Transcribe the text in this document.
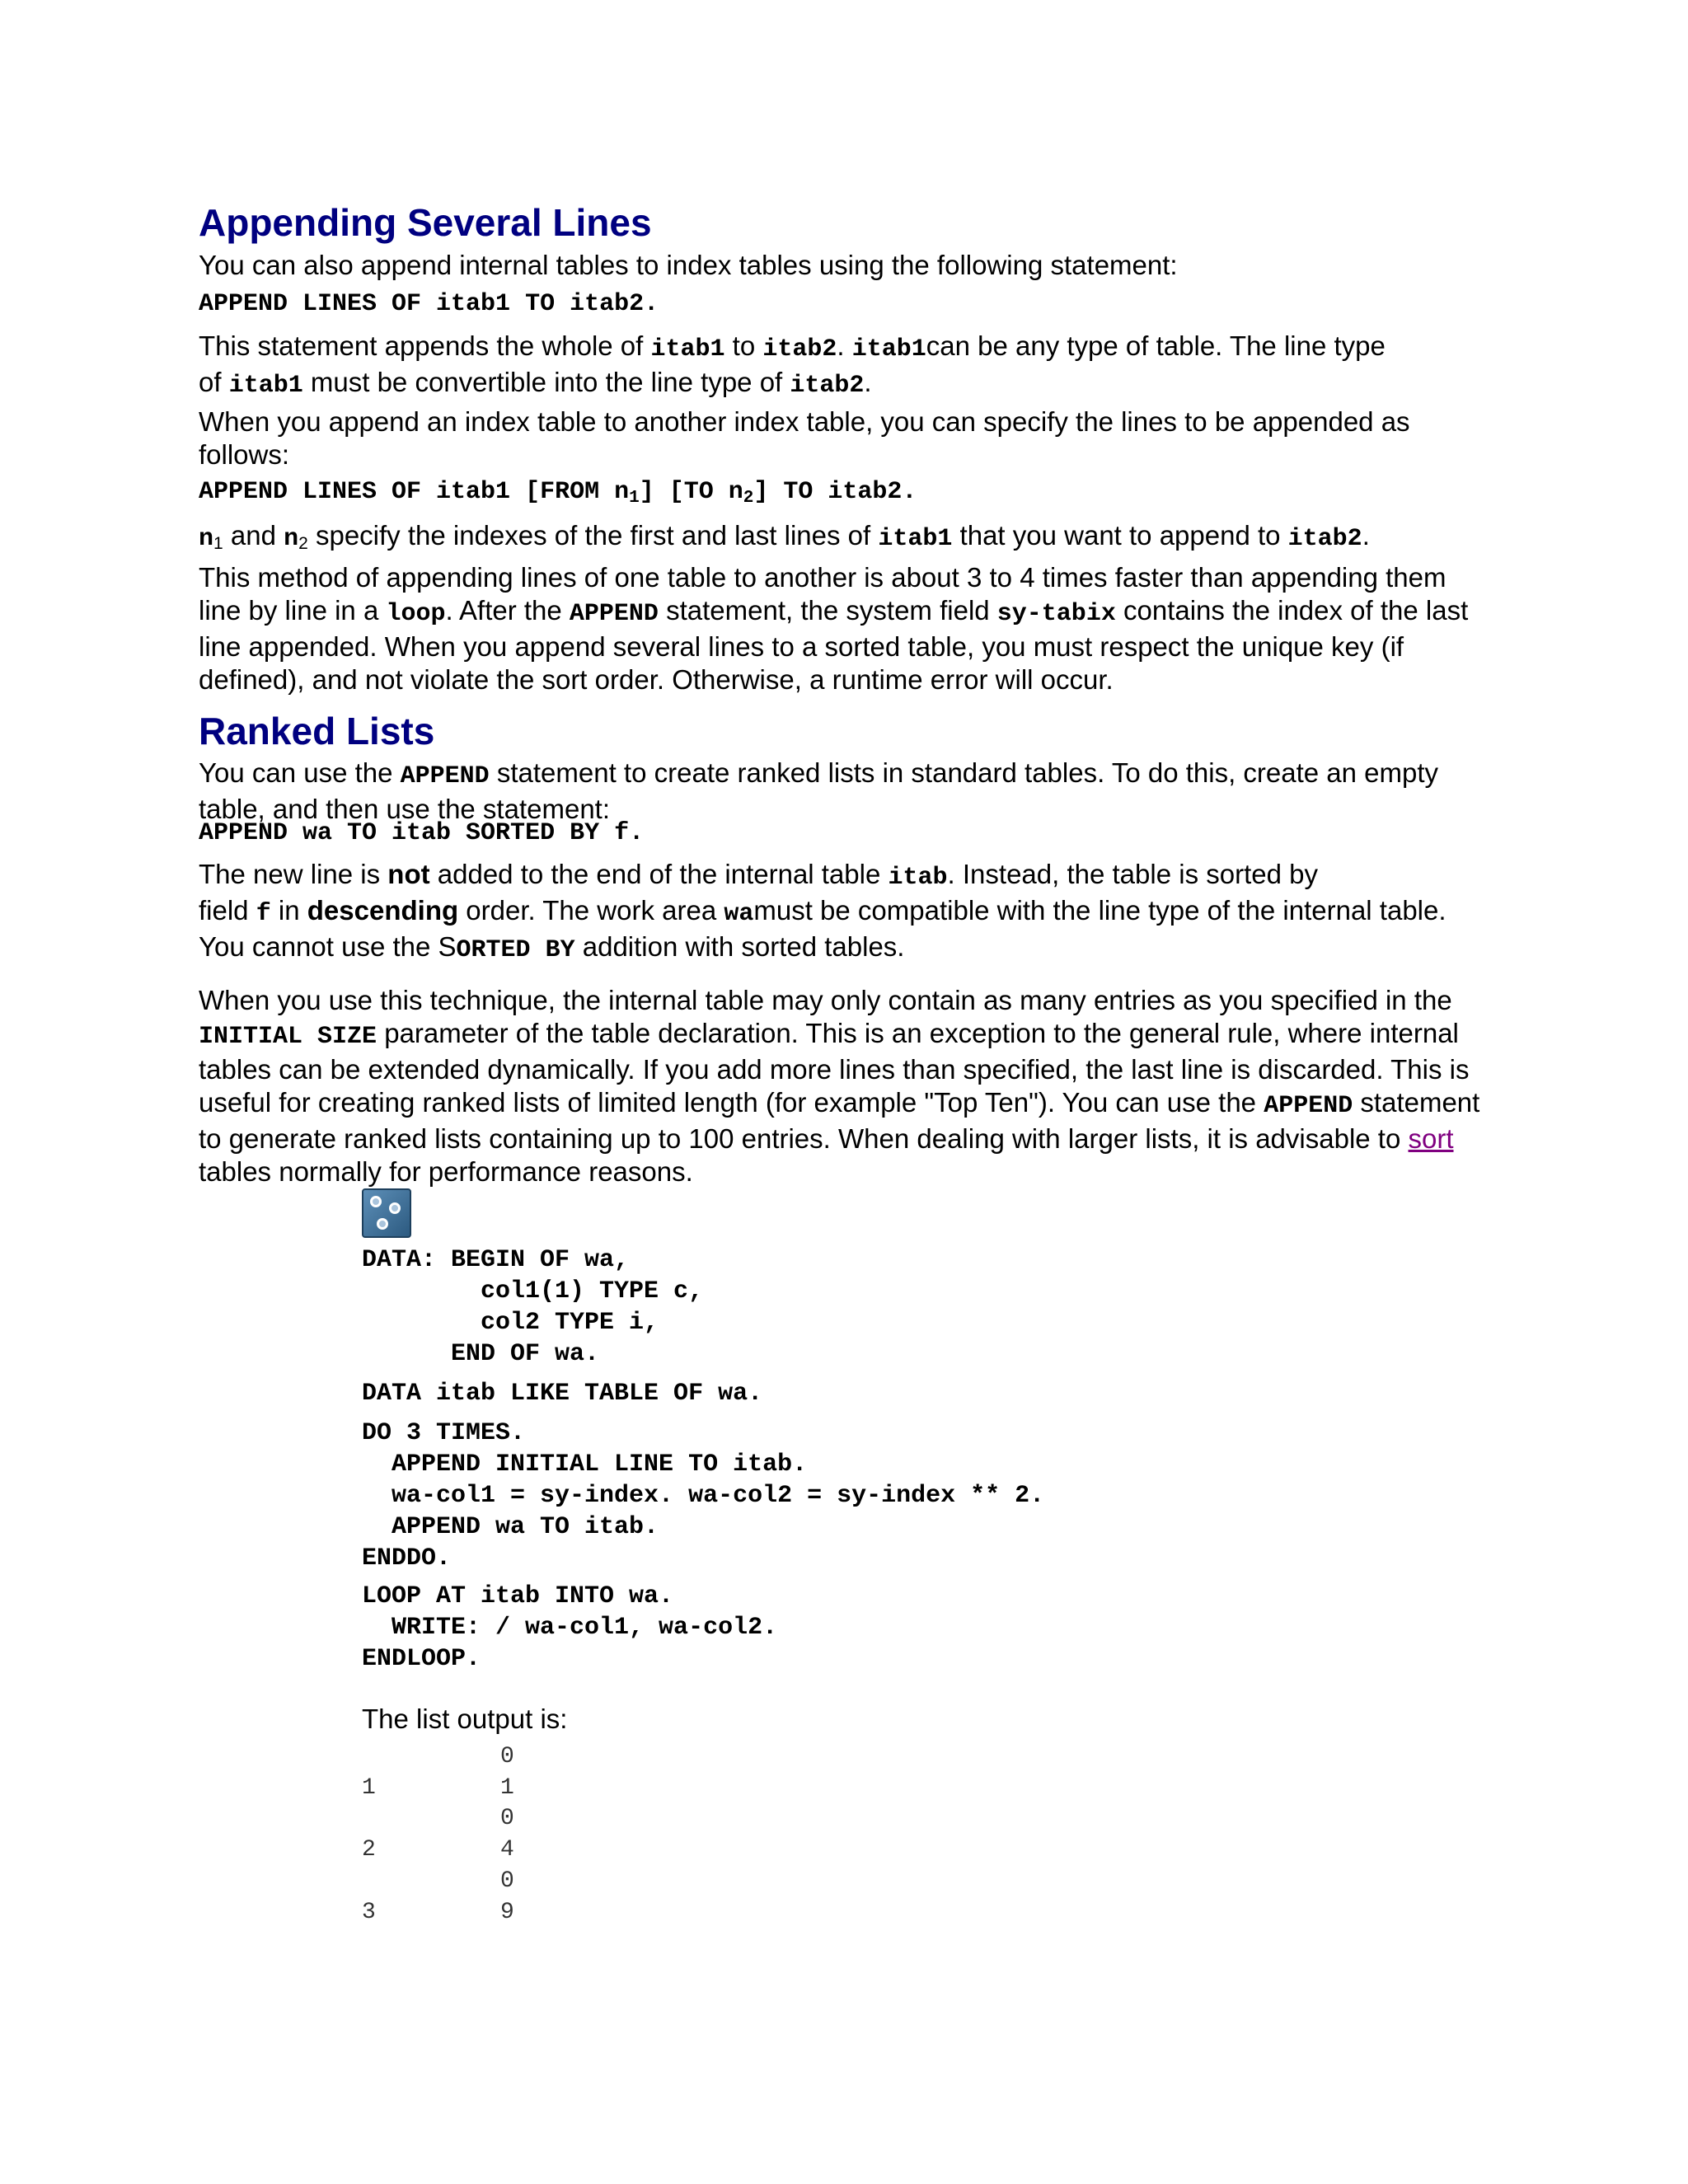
Appending Several Lines

You can also append internal tables to index tables using the following statement:

APPEND LINES OF itab1 TO itab2.

This statement appends the whole of itab1 to itab2. itab1can be any type of table. The line type
of itab1 must be convertible into the line type of itab2.

When you append an index table to another index table, you can specify the lines to be appended as follows:

APPEND LINES OF itab1 [FROM $n_1$] [TO $n_2$] TO itab2.

$n_1$ and $n_2$ specify the indexes of the first and last lines of itab1 that you want to append to itab2.

This method of appending lines of one table to another is about 3 to 4 times faster than appending them line by line in a loop. After the APPEND statement, the system field sy-tabix contains the index of the last line appended. When you append several lines to a sorted table, you must respect the unique key (if defined), and not violate the sort order. Otherwise, a runtime error will occur.

Ranked Lists

You can use the APPEND statement to create ranked lists in standard tables. To do this, create an empty table, and then use the statement:

APPEND wa TO itab SORTED BY f.

The new line is not added to the end of the internal table itab. Instead, the table is sorted by
field f in descending order. The work area wamust be compatible with the line type of the internal table.
You cannot use the SORTED BY addition with sorted tables.

When you use this technique, the internal table may only contain as many entries as you specified in the INITIAL SIZE parameter of the table declaration. This is an exception to the general rule, where internal tables can be extended dynamically. If you add more lines than specified, the last line is discarded. This is useful for creating ranked lists of limited length (for example "Top Ten"). You can use the APPEND statement to generate ranked lists containing up to 100 entries. When dealing with larger lists, it is advisable to sort tables normally for performance reasons.

DATA: BEGIN OF wa,
col1(1) TYPE c,
col2 TYPE i,
END OF wa.
DATA itab LIKE TABLE OF wa.
DO 3 TIMES.
APPEND INITIAL LINE TO itab.
wa-col1 = sy-index. wa-col2 = sy-index ** 2.
APPEND wa TO itab.
ENDDO.
LOOP AT itab INTO wa.
WRITE: / wa-col1, wa-col2.
ENDLOOP.

The list output is:

0
1         1
0
2         4
0
3         9
